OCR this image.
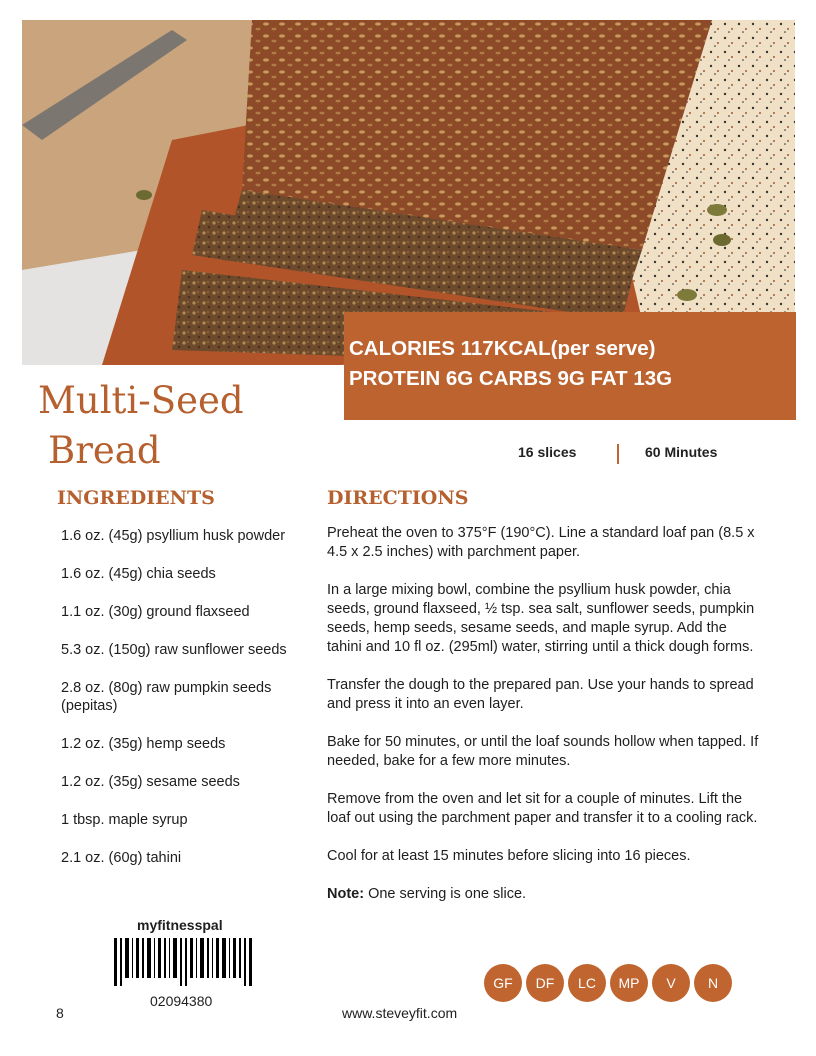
CALORIES 117KCAL(per serve)
PROTEIN 6G CARBS 9G FAT 13G
Multi-Seed
Bread	16 slices	60 Minutes
INGREDIENTS
1.6 oz. (45g) psyllium husk powder
1.6 oz. (45g) chia seeds
1.1 oz. (30g) ground flaxseed
5.3 oz. (150g) raw sunflower seeds
2.8 oz. (80g) raw pumpkin seeds (pepitas)
1.2 oz. (35g) hemp seeds
1.2 oz. (35g) sesame seeds
1 tbsp. maple syrup
2.1 oz. (60g) tahini
DIRECTIONS

Preheat the oven to 375°F (190°C). Line a standard loaf pan (8.5 x 4.5 x 2.5 inches) with parchment paper.

In a large mixing bowl, combine the psyllium husk powder, chia seeds, ground flaxseed, ½ tsp. sea salt, sunflower seeds, pumpkin seeds, hemp seeds, sesame seeds, and maple syrup. Add the tahini and 10 fl oz. (295ml) water, stirring until a thick dough forms.

Transfer the dough to the prepared pan. Use your hands to spread and press it into an even layer.

Bake for 50 minutes, or until the loaf sounds hollow when tapped. If needed, bake for a few more minutes.

Remove from the oven and let sit for a couple of minutes. Lift the loaf out using the parchment paper and transfer it to a cooling rack.

Cool for at least 15 minutes before slicing into 16 pieces.

Note: One serving is one slice.

myfitnesspal
02094380
8	www.steveyfit.com
GF	DF	LC	MP	V	N
